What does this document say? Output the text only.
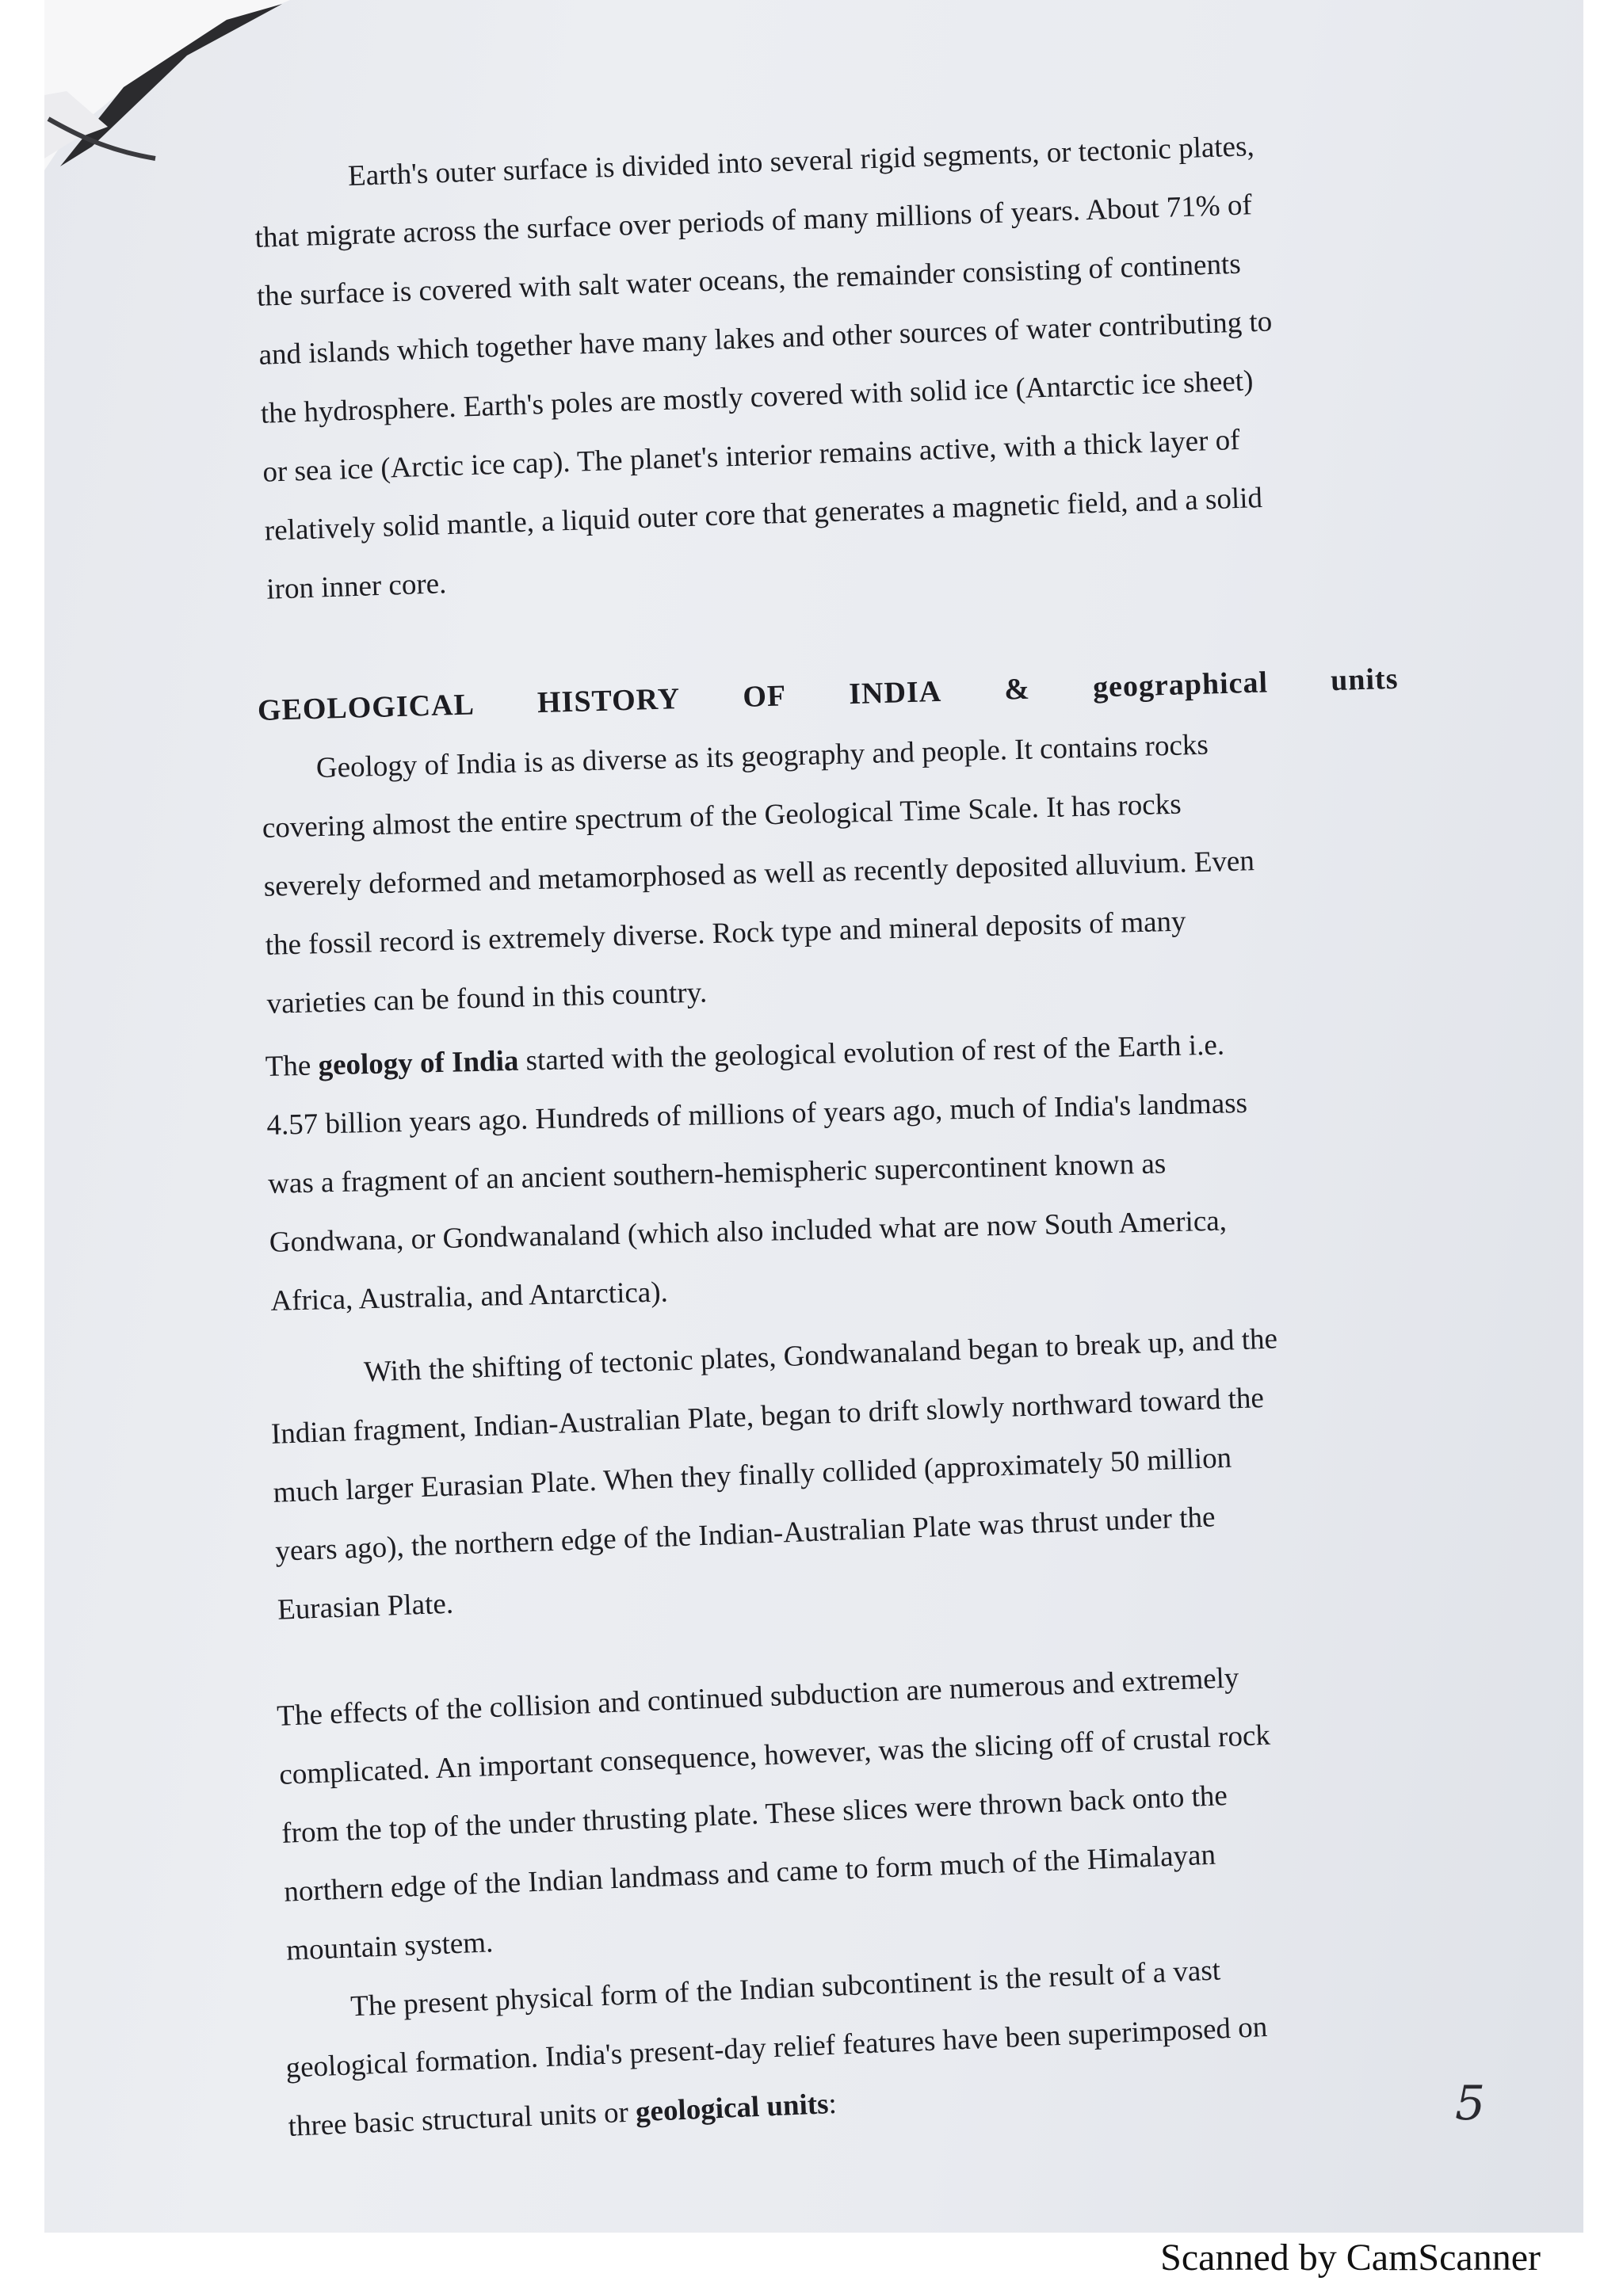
Earth's outer surface is divided into several rigid segments, or tectonic plates,
that migrate across the surface over periods of many millions of years. About 71% of
the surface is covered with salt water oceans, the remainder consisting of continents
and islands which together have many lakes and other sources of water contributing to
the hydrosphere. Earth's poles are mostly covered with solid ice (Antarctic ice sheet)
or sea ice (Arctic ice cap). The planet's interior remains active, with a thick layer of
relatively solid mantle, a liquid outer core that generates a magnetic field, and a solid
iron inner core.
GEOLOGICAL HISTORY OF INDIA & geographical units
Geology of India is as diverse as its geography and people. It contains rocks
covering almost the entire spectrum of the Geological Time Scale. It has rocks
severely deformed and metamorphosed as well as recently deposited alluvium. Even
the fossil record is extremely diverse. Rock type and mineral deposits of many
varieties can be found in this country.
The geology of India started with the geological evolution of rest of the Earth i.e.
4.57 billion years ago. Hundreds of millions of years ago, much of India's landmass
was a fragment of an ancient southern-hemispheric supercontinent known as
Gondwana, or Gondwanaland (which also included what are now South America,
Africa, Australia, and Antarctica).
With the shifting of tectonic plates, Gondwanaland began to break up, and the
Indian fragment, Indian-Australian Plate, began to drift slowly northward toward the
much larger Eurasian Plate. When they finally collided (approximately 50 million
years ago), the northern edge of the Indian-Australian Plate was thrust under the
Eurasian Plate.
The effects of the collision and continued subduction are numerous and extremely
complicated. An important consequence, however, was the slicing off of crustal rock
from the top of the under thrusting plate. These slices were thrown back onto the
northern edge of the Indian landmass and came to form much of the Himalayan
mountain system.
The present physical form of the Indian subcontinent is the result of a vast
geological formation. India's present-day relief features have been superimposed on
three basic structural units or geological units:	5
Scanned by CamScanner
